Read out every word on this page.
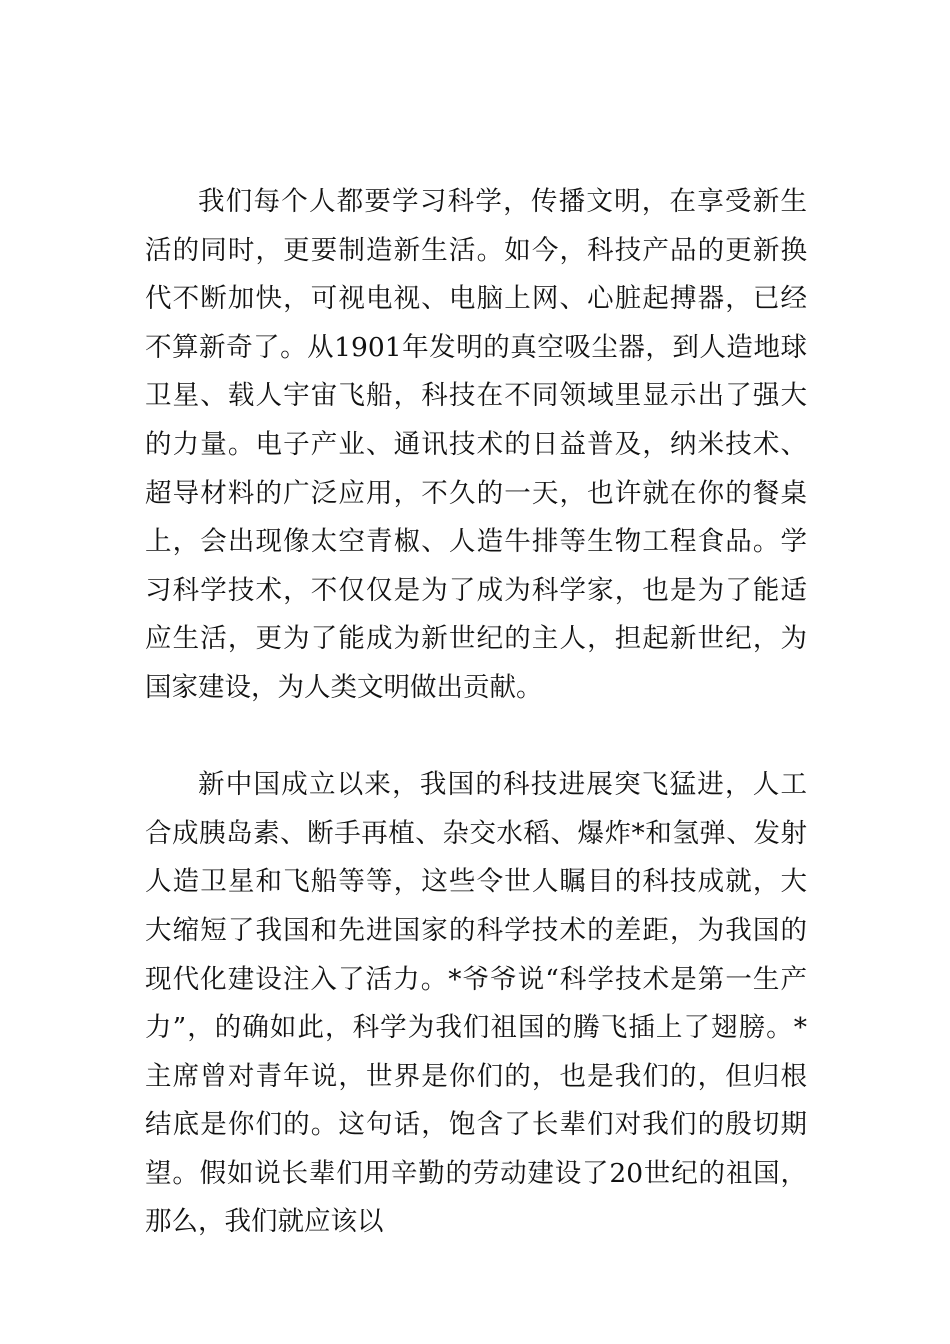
我们每个人都要学习科学，传播文明，在享受新生活的同时，更要制造新生活。如今，科技产品的更新换代不断加快，可视电视、电脑上网、心脏起搏器，已经不算新奇了。从1901年发明的真空吸尘器，到人造地球卫星、载人宇宙飞船，科技在不同领域里显示出了强大的力量。电子产业、通讯技术的日益普及，纳米技术、超导材料的广泛应用，不久的一天，也许就在你的餐桌上，会出现像太空青椒、人造牛排等生物工程食品。学习科学技术，不仅仅是为了成为科学家，也是为了能适应生活，更为了能成为新世纪的主人，担起新世纪，为国家建设，为人类文明做出贡献。

新中国成立以来，我国的科技进展突飞猛进，人工合成胰岛素、断手再植、杂交水稻、爆炸*和氢弹、发射人造卫星和飞船等等，这些令世人瞩目的科技成就，大大缩短了我国和先进国家的科学技术的差距，为我国的现代化建设注入了活力。*爷爷说“科学技术是第一生产力”，的确如此，科学为我们祖国的腾飞插上了翅膀。*主席曾对青年说，世界是你们的，也是我们的，但归根结底是你们的。这句话，饱含了长辈们对我们的殷切期望。假如说长辈们用辛勤的劳动建设了20世纪的祖国，那么，我们就应该以
